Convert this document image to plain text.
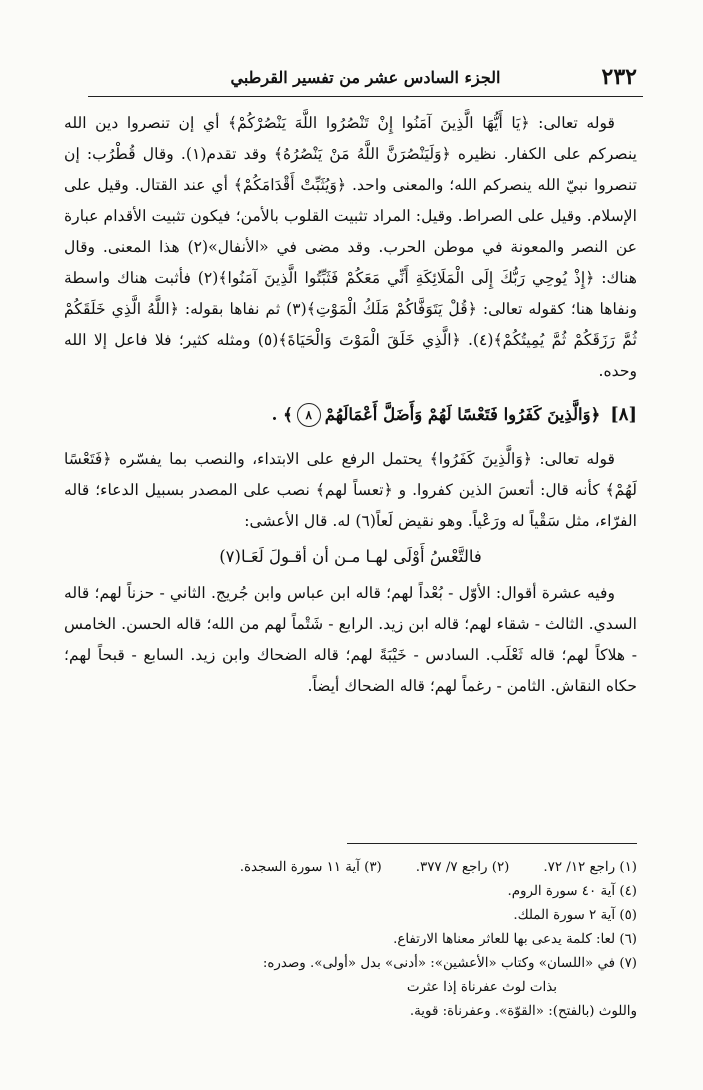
٢٣٢
الجزء السادس عشر من تفسير القرطبي

قوله تعالى: ﴿يَا أَيُّهَا الَّذِينَ آمَنُوا إِنْ تَنْصُرُوا اللَّهَ يَنْصُرْكُمْ﴾ أي إن تنصروا دين الله ينصركم على الكفار. نظيره ﴿وَلَيَنْصُرَنَّ اللَّهُ مَنْ يَنْصُرُهُ﴾ وقد تقدم(١). وقال قُطْرُب: إن تنصروا نبيّ الله ينصركم الله؛ والمعنى واحد. ﴿وَيُثَبِّتْ أَقْدَامَكُمْ﴾ أي عند القتال. وقيل على الإسلام. وقيل على الصراط. وقيل: المراد تثبيت القلوب بالأمن؛ فيكون تثبيت الأقدام عبارة عن النصر والمعونة في موطن الحرب. وقد مضى في «الأنفال»(٢) هذا المعنى. وقال هناك: ﴿إِذْ يُوحِي رَبُّكَ إِلَى الْمَلَائِكَةِ أَنِّي مَعَكُمْ فَثَبِّتُوا الَّذِينَ آمَنُوا﴾(٢) فأثبت هناك واسطة ونفاها هنا؛ كقوله تعالى: ﴿قُلْ يَتَوَفَّاكُمْ مَلَكُ الْمَوْتِ﴾(٣) ثم نفاها بقوله: ﴿اللَّهُ الَّذِي خَلَقَكُمْ ثُمَّ رَزَقَكُمْ ثُمَّ يُمِيتُكُمْ﴾(٤). ﴿الَّذِي خَلَقَ الْمَوْتَ وَالْحَيَاةَ﴾(٥) ومثله كثير؛ فلا فاعل إلا الله وحده.

[٨]
﴿وَالَّذِينَ كَفَرُوا فَتَعْسًا لَهُمْ وَأَضَلَّ أَعْمَالَهُمْ
٨
﴾ .

قوله تعالى: ﴿وَالَّذِينَ كَفَرُوا﴾ يحتمل الرفع على الابتداء، والنصب بما يفسّره ﴿فَتَعْسًا لَهُمْ﴾ كأنه قال: أتعسَ الذين كفروا. و ﴿تعساً لهم﴾ نصب على المصدر بسبيل الدعاء؛ قاله الفرّاء، مثل سَقْياً له ورَعْياً. وهو نقيض لَعاً(٦) له. قال الأعشى:

فالتَّعْسُ أَوْلَى لهـا مـن أن أقـولَ لَعَـا(٧)

وفيه عشرة أقوال: الأوّل - بُعْداً لهم؛ قاله ابن عباس وابن جُريج. الثاني - حزناً لهم؛ قاله السدي. الثالث - شقاء لهم؛ قاله ابن زيد. الرابع - شَتْماً لهم من الله؛ قاله الحسن. الخامس - هلاكاً لهم؛ قاله ثَعْلَب. السادس - خَيْبَةً لهم؛ قاله الضحاك وابن زيد. السابع - قبحاً لهم؛ حكاه النقاش. الثامن - رغماً لهم؛ قاله الضحاك أيضاً.

(١) راجع ١٢/ ٧٢.
(٢) راجع ٧/ ٣٧٧.
(٣) آية ١١ سورة السجدة.

(٤) آية ٤٠ سورة الروم.

(٥) آية ٢ سورة الملك.

(٦) لعا: كلمة يدعى بها للعاثر معناها الارتفاع.

(٧) في «اللسان» وكتاب «الأعشين»: «أدنى» بدل «أولى». وصدره:

بذات لوث عفرناة إذا عثرت

واللوث (بالفتح): «القوّة». وعفرناة: قوية.
